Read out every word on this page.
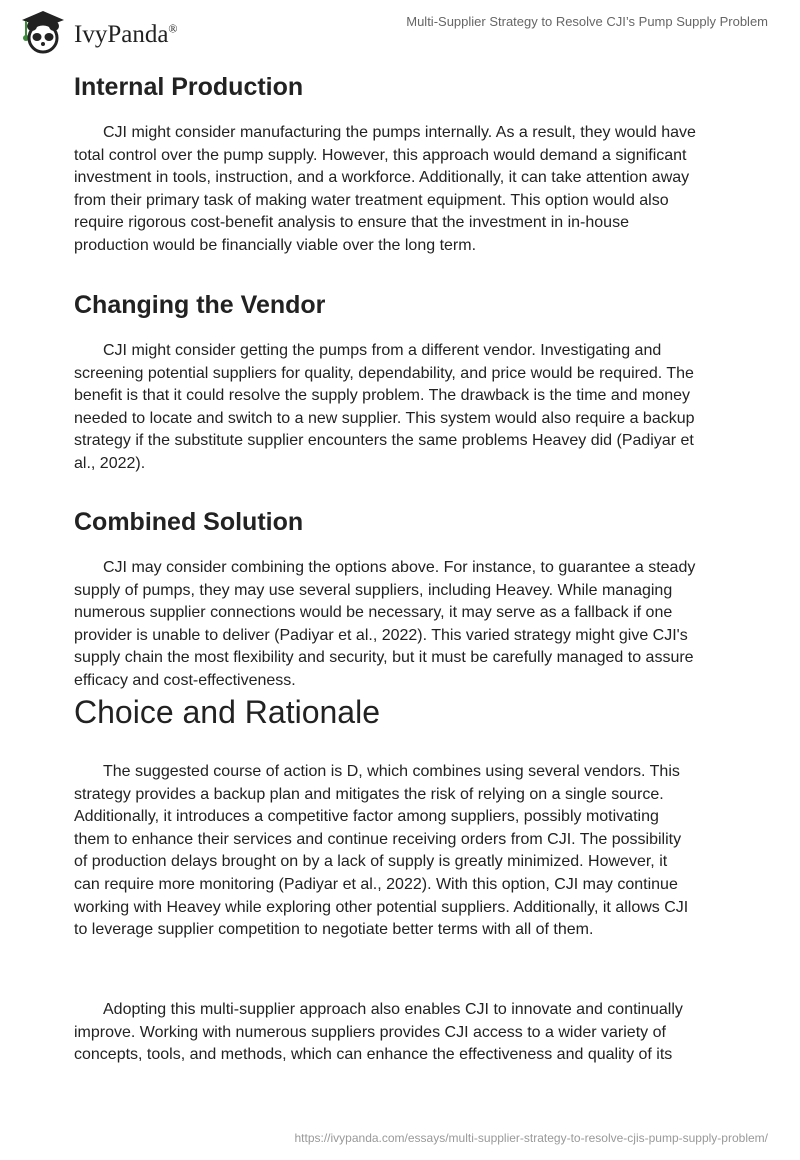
IvyPanda®	Multi-Supplier Strategy to Resolve CJI’s Pump Supply Problem
Internal Production
CJI might consider manufacturing the pumps internally. As a result, they would have
total control over the pump supply. However, this approach would demand a significant
investment in tools, instruction, and a workforce. Additionally, it can take attention away
from their primary task of making water treatment equipment. This option would also
require rigorous cost-benefit analysis to ensure that the investment in in-house
production would be financially viable over the long term.
Changing the Vendor
CJI might consider getting the pumps from a different vendor. Investigating and
screening potential suppliers for quality, dependability, and price would be required. The
benefit is that it could resolve the supply problem. The drawback is the time and money
needed to locate and switch to a new supplier. This system would also require a backup
strategy if the substitute supplier encounters the same problems Heavey did (Padiyar et
al., 2022).
Combined Solution
CJI may consider combining the options above. For instance, to guarantee a steady
supply of pumps, they may use several suppliers, including Heavey. While managing
numerous supplier connections would be necessary, it may serve as a fallback if one
provider is unable to deliver (Padiyar et al., 2022). This varied strategy might give CJI's
supply chain the most flexibility and security, but it must be carefully managed to assure
efficacy and cost-effectiveness.
Choice and Rationale
The suggested course of action is D, which combines using several vendors. This
strategy provides a backup plan and mitigates the risk of relying on a single source.
Additionally, it introduces a competitive factor among suppliers, possibly motivating
them to enhance their services and continue receiving orders from CJI. The possibility
of production delays brought on by a lack of supply is greatly minimized. However, it
can require more monitoring (Padiyar et al., 2022). With this option, CJI may continue
working with Heavey while exploring other potential suppliers. Additionally, it allows CJI
to leverage supplier competition to negotiate better terms with all of them.
Adopting this multi-supplier approach also enables CJI to innovate and continually
improve. Working with numerous suppliers provides CJI access to a wider variety of
concepts, tools, and methods, which can enhance the effectiveness and quality of its
https://ivypanda.com/essays/multi-supplier-strategy-to-resolve-cjis-pump-supply-problem/
